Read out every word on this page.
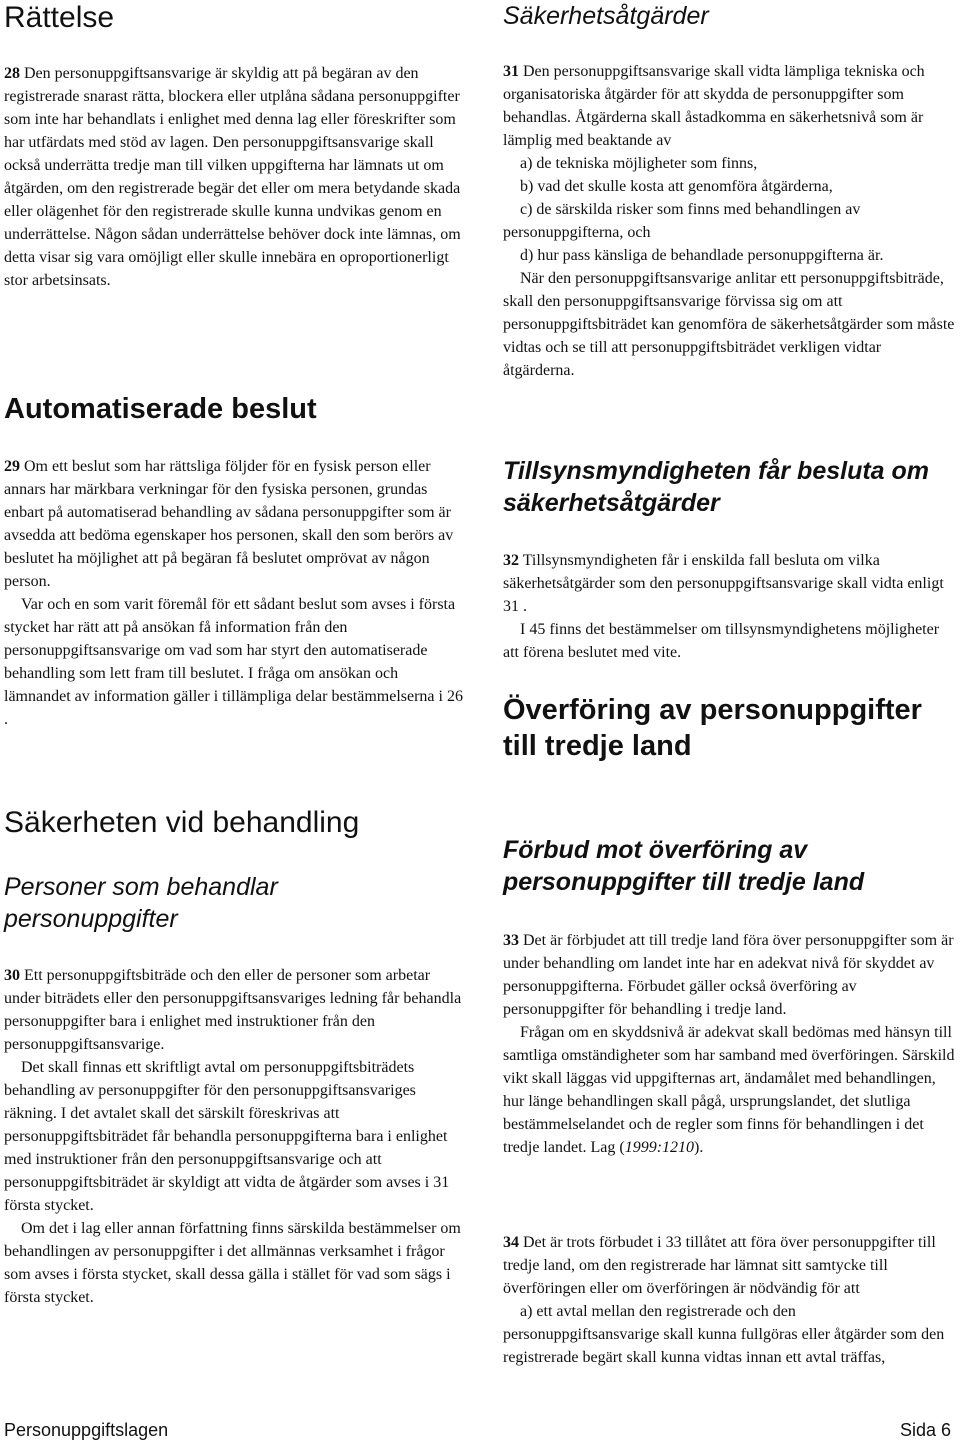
Rättelse

28 Den personuppgiftsansvarige är skyldig att på begäran av den registrerade snarast rätta, blockera eller utplåna sådana personuppgifter som inte har behandlats i enlighet med denna lag eller föreskrifter som har utfärdats med stöd av lagen. Den personuppgiftsansvarige skall också underrätta tredje man till vilken uppgifterna har lämnats ut om åtgärden, om den registrerade begär det eller om mera betydande skada eller olägenhet för den registrerade skulle kunna undvikas genom en underrättelse. Någon sådan underrättelse behöver dock inte lämnas, om detta visar sig vara omöjligt eller skulle innebära en oproportionerligt stor arbetsinsats.

Automatiserade beslut

29 Om ett beslut som har rättsliga följder för en fysisk person eller annars har märkbara verkningar för den fysiska personen, grundas enbart på automatiserad behandling av sådana personuppgifter som är avsedda att bedöma egenskaper hos personen, skall den som berörs av beslutet ha möjlighet att på begäran få beslutet omprövat av någon person.

Var och en som varit föremål för ett sådant beslut som avses i första stycket har rätt att på ansökan få information från den personuppgiftsansvarige om vad som har styrt den automatiserade behandling som lett fram till beslutet. I fråga om ansökan och lämnandet av information gäller i tillämpliga delar bestämmelserna i 26 .

Säkerheten vid behandling
Personer som behandlar personuppgifter

30 Ett personuppgiftsbiträde och den eller de personer som arbetar under biträdets eller den personuppgiftsansvariges ledning får behandla personuppgifter bara i enlighet med instruktioner från den personuppgiftsansvarige.

Det skall finnas ett skriftligt avtal om personuppgiftsbiträdets behandling av personuppgifter för den personuppgiftsansvariges räkning. I det avtalet skall det särskilt föreskrivas att personuppgiftsbiträdet får behandla personuppgifterna bara i enlighet med instruktioner från den personuppgiftsansvarige och att personuppgiftsbiträdet är skyldigt att vidta de åtgärder som avses i 31 första stycket.

Om det i lag eller annan författning finns särskilda bestämmelser om behandlingen av personuppgifter i det allmännas verksamhet i frågor som avses i första stycket, skall dessa gälla i stället för vad som sägs i första stycket.

Säkerhetsåtgärder

31 Den personuppgiftsansvarige skall vidta lämpliga tekniska och organisatoriska åtgärder för att skydda de personuppgifter som behandlas. Åtgärderna skall åstadkomma en säkerhetsnivå som är lämplig med beaktande av

a) de tekniska möjligheter som finns,

b) vad det skulle kosta att genomföra åtgärderna,

c) de särskilda risker som finns med behandlingen av personuppgifterna, och

d) hur pass känsliga de behandlade personuppgifterna är.

När den personuppgiftsansvarige anlitar ett personuppgiftsbiträde, skall den personuppgiftsansvarige förvissa sig om att personuppgiftsbiträdet kan genomföra de säkerhetsåtgärder som måste vidtas och se till att personuppgiftsbiträdet verkligen vidtar åtgärderna.

Tillsynsmyndigheten får besluta om säkerhetsåtgärder

32 Tillsynsmyndigheten får i enskilda fall besluta om vilka säkerhetsåtgärder som den personuppgiftsansvarige skall vidta enligt 31 .

I 45 finns det bestämmelser om tillsynsmyndighetens möjligheter att förena beslutet med vite.

Överföring av personuppgifter till tredje land
Förbud mot överföring av personuppgifter till tredje land

33 Det är förbjudet att till tredje land föra över personuppgifter som är under behandling om landet inte har en adekvat nivå för skyddet av personuppgifterna. Förbudet gäller också överföring av personuppgifter för behandling i tredje land.

Frågan om en skyddsnivå är adekvat skall bedömas med hänsyn till samtliga omständigheter som har samband med överföringen. Särskild vikt skall läggas vid uppgifternas art, ändamålet med behandlingen, hur länge behandlingen skall pågå, ursprungslandet, det slutliga bestämmelselandet och de regler som finns för behandlingen i det tredje landet. Lag (1999:1210).

34 Det är trots förbudet i 33 tillåtet att föra över personuppgifter till tredje land, om den registrerade har lämnat sitt samtycke till överföringen eller om överföringen är nödvändig för att

a) ett avtal mellan den registrerade och den personuppgiftsansvarige skall kunna fullgöras eller åtgärder som den registrerade begärt skall kunna vidtas innan ett avtal träffas,

Personuppgiftslagen	Sida 6
